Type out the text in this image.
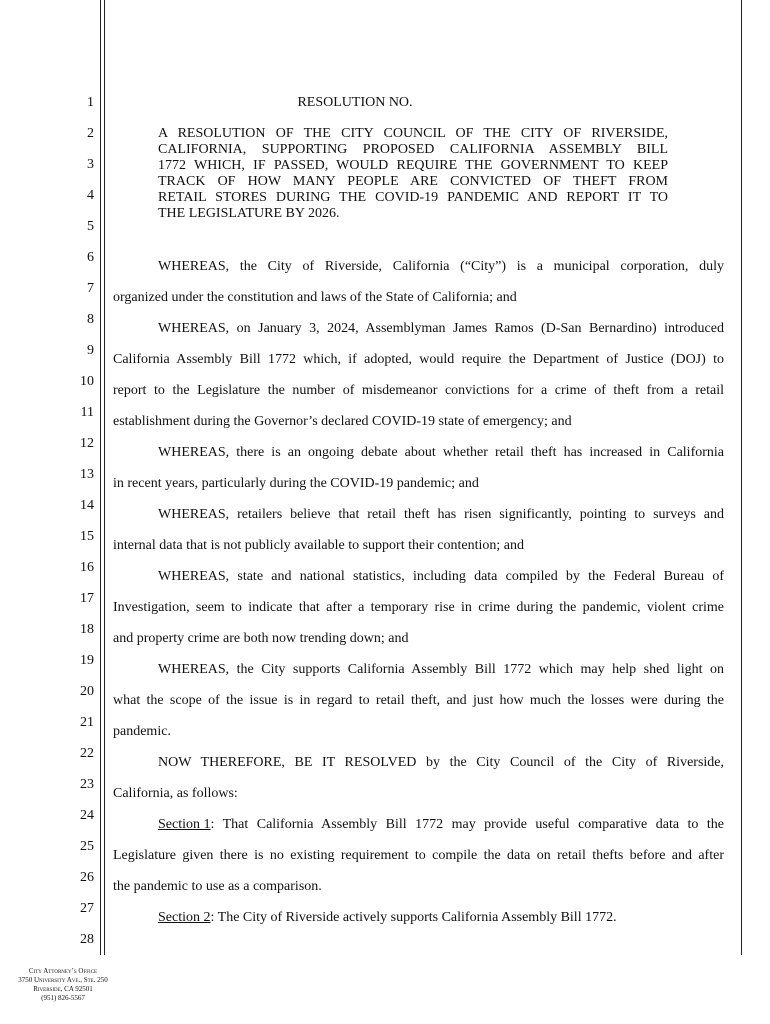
1
2
3
4
5
6
7
8
9
10
11
12
13
14
15
16
17
18
19
20
21
22
23
24
25
26
27
28
RESOLUTION NO.
A RESOLUTION OF THE CITY COUNCIL OF THE CITY OF RIVERSIDE,
CALIFORNIA, SUPPORTING PROPOSED CALIFORNIA ASSEMBLY BILL
1772 WHICH, IF PASSED, WOULD REQUIRE THE GOVERNMENT TO KEEP
TRACK OF HOW MANY PEOPLE ARE CONVICTED OF THEFT FROM
RETAIL STORES DURING THE COVID-19 PANDEMIC AND REPORT IT TO
THE LEGISLATURE BY 2026.
WHEREAS, the City of Riverside, California (“City”) is a municipal corporation, duly
organized under the constitution and laws of the State of California; and
WHEREAS, on January 3, 2024, Assemblyman James Ramos (D-San Bernardino) introduced
California Assembly Bill 1772 which, if adopted, would require the Department of Justice (DOJ) to
report to the Legislature the number of misdemeanor convictions for a crime of theft from a retail
establishment during the Governor’s declared COVID-19 state of emergency; and
WHEREAS, there is an ongoing debate about whether retail theft has increased in California
in recent years, particularly during the COVID-19 pandemic; and
WHEREAS, retailers believe that retail theft has risen significantly, pointing to surveys and
internal data that is not publicly available to support their contention; and
WHEREAS, state and national statistics, including data compiled by the Federal Bureau of
Investigation, seem to indicate that after a temporary rise in crime during the pandemic, violent crime
and property crime are both now trending down; and
WHEREAS, the City supports California Assembly Bill 1772 which may help shed light on
what the scope of the issue is in regard to retail theft, and just how much the losses were during the
pandemic.
NOW THEREFORE, BE IT RESOLVED by the City Council of the City of Riverside,
California, as follows:
Section 1 : That California Assembly Bill 1772 may provide useful comparative data to the
Legislature given there is no existing requirement to compile the data on retail thefts before and after
the pandemic to use as a comparison.
Section 2: The City of Riverside actively supports California Assembly Bill 1772.
City Attorney’s Office
3750 University Ave., Ste. 250
Riverside, CA 92501
(951) 826-5567
